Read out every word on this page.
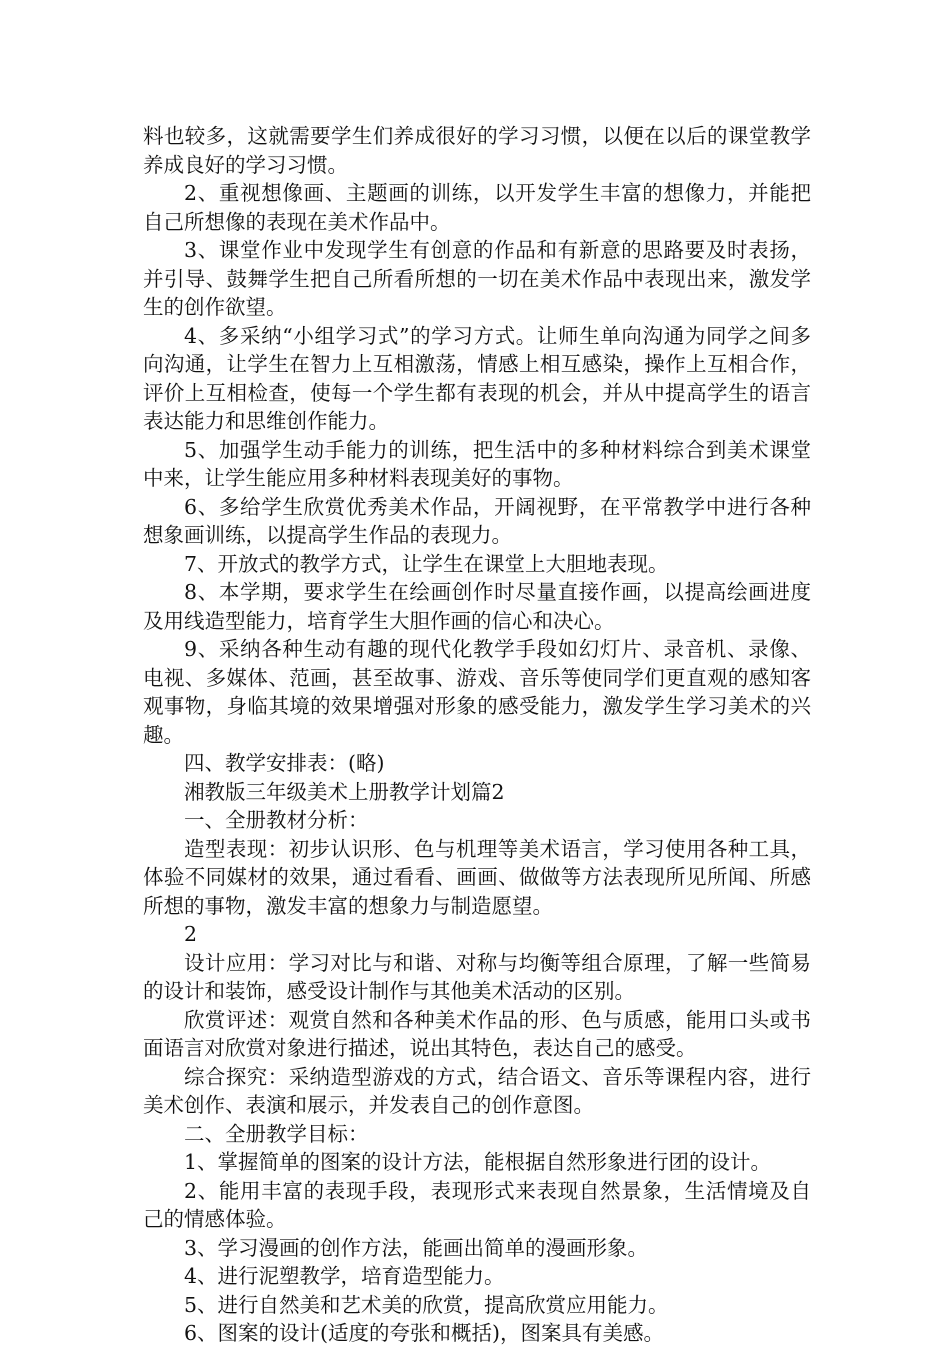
料也较多，这就需要学生们养成很好的学习习惯，以便在以后的课堂教学养成良好的学习习惯。

2、重视想像画、主题画的训练，以开发学生丰富的想像力，并能把自己所想像的表现在美术作品中。

3、课堂作业中发现学生有创意的作品和有新意的思路要及时表扬，并引导、鼓舞学生把自己所看所想的一切在美术作品中表现出来，激发学生的创作欲望。

4、多采纳“小组学习式”的学习方式。让师生单向沟通为同学之间多向沟通，让学生在智力上互相激荡，情感上相互感染，操作上互相合作，评价上互相检查，使每一个学生都有表现的机会，并从中提高学生的语言表达能力和思维创作能力。

5、加强学生动手能力的训练，把生活中的多种材料综合到美术课堂中来，让学生能应用多种材料表现美好的事物。

6、多给学生欣赏优秀美术作品，开阔视野，在平常教学中进行各种想象画训练，以提高学生作品的表现力。

7、开放式的教学方式，让学生在课堂上大胆地表现。

8、本学期，要求学生在绘画创作时尽量直接作画，以提高绘画进度及用线造型能力，培育学生大胆作画的信心和决心。

9、采纳各种生动有趣的现代化教学手段如幻灯片、录音机、录像、电视、多媒体、范画，甚至故事、游戏、音乐等使同学们更直观的感知客观事物，身临其境的效果增强对形象的感受能力，激发学生学习美术的兴趣。

四、教学安排表：(略)

湘教版三年级美术上册教学计划篇2

一、全册教材分析：

造型表现：初步认识形、色与机理等美术语言，学习使用各种工具，体验不同媒材的效果，通过看看、画画、做做等方法表现所见所闻、所感所想的事物，激发丰富的想象力与制造愿望。

2

设计应用：学习对比与和谐、对称与均衡等组合原理，了解一些简易的设计和装饰，感受设计制作与其他美术活动的区别。

欣赏评述：观赏自然和各种美术作品的形、色与质感，能用口头或书面语言对欣赏对象进行描述，说出其特色，表达自己的感受。

综合探究：采纳造型游戏的方式，结合语文、音乐等课程内容，进行美术创作、表演和展示，并发表自己的创作意图。

二、全册教学目标：

1、掌握简单的图案的设计方法，能根据自然形象进行团的设计。

2、能用丰富的表现手段，表现形式来表现自然景象，生活情境及自己的情感体验。

3、学习漫画的创作方法，能画出简单的漫画形象。

4、进行泥塑教学，培育造型能力。

5、进行自然美和艺术美的欣赏，提高欣赏应用能力。

6、图案的设计(适度的夸张和概括)，图案具有美感。
